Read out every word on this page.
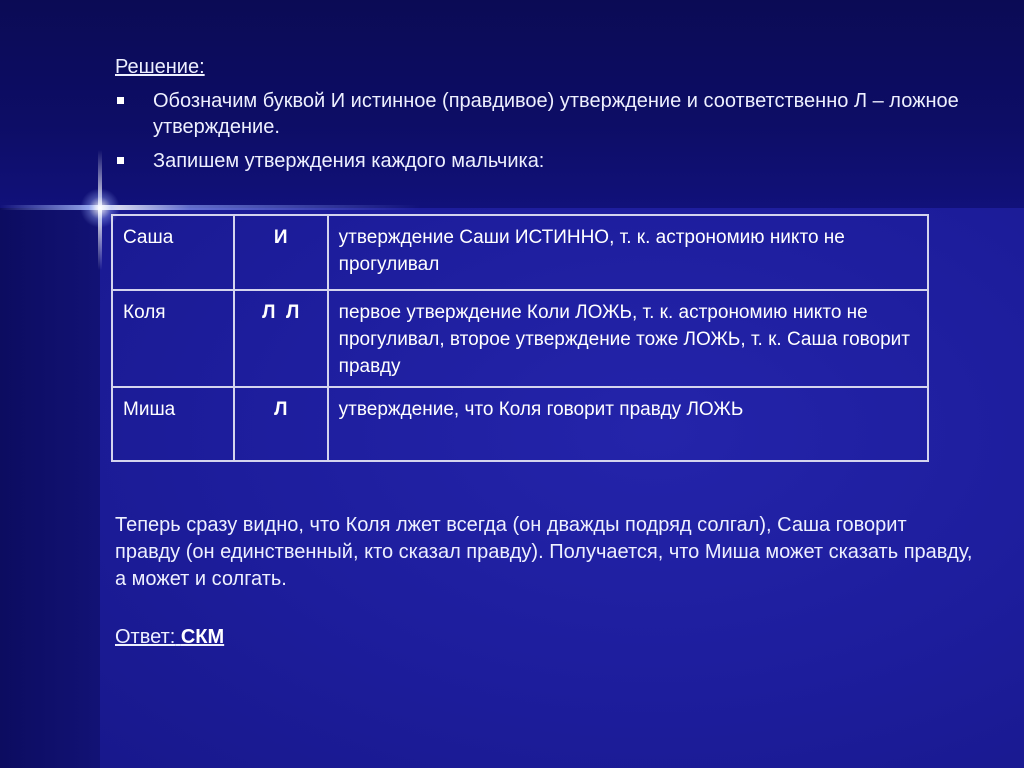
Решение:
Обозначим буквой И истинное (правдивое) утверждение и соответственно Л – ложное утверждение.
Запишем утверждения каждого мальчика:
Саша	И	утверждение Саши ИСТИННО, т. к. астрономию никто не прогуливал
Коля	Л  Л	первое утверждение Коли ЛОЖЬ, т. к. астрономию никто не прогуливал, второе утверждение тоже ЛОЖЬ, т. к. Саша говорит правду
Миша	Л	утверждение, что Коля говорит правду ЛОЖЬ

Теперь сразу видно, что Коля лжет всегда (он дважды подряд солгал), Саша говорит правду (он единственный, кто сказал правду). Получается, что Миша может сказать правду, а может и солгать.

Ответ: СКМ
